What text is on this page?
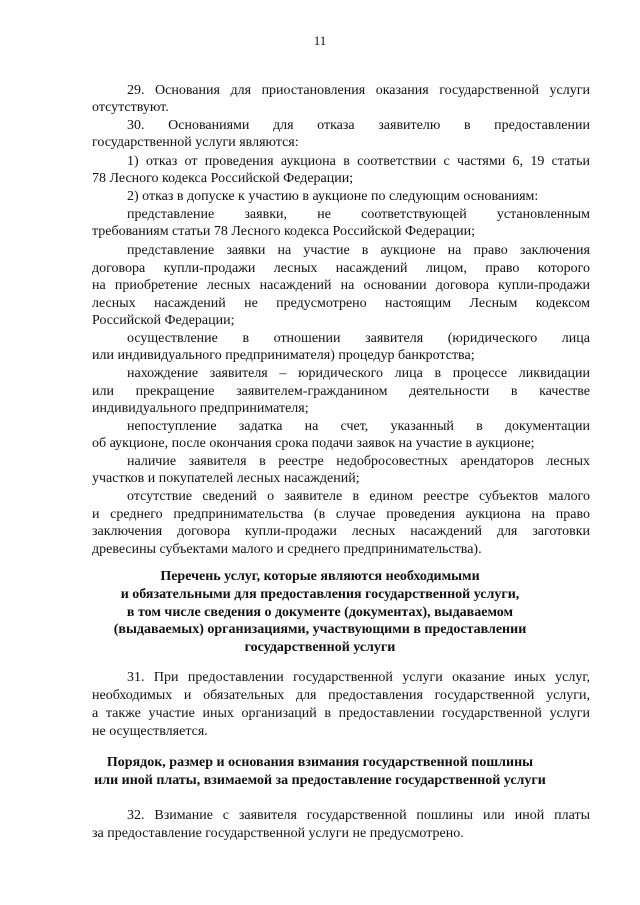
11
29. Основания для приостановления оказания государственной услуги
отсутствуют.
30. Основаниями для отказа заявителю в предоставлении
государственной услуги являются:
1) отказ от проведения аукциона в соответствии с частями 6, 19 статьи
78 Лесного кодекса Российской Федерации;
2) отказ в допуске к участию в аукционе по следующим основаниям:
представление заявки, не соответствующей установленным
требованиям статьи 78 Лесного кодекса Российской Федерации;
представление заявки на участие в аукционе на право заключения
договора купли-продажи лесных насаждений лицом, право которого
на приобретение лесных насаждений на основании договора купли-продажи
лесных насаждений не предусмотрено настоящим Лесным кодексом
Российской Федерации;
осуществление в отношении заявителя (юридического лица
или индивидуального предпринимателя) процедур банкротства;
нахождение заявителя – юридического лица в процессе ликвидации
или прекращение заявителем-гражданином деятельности в качестве
индивидуального предпринимателя;
непоступление задатка на счет, указанный в документации
об аукционе, после окончания срока подачи заявок на участие в аукционе;
наличие заявителя в реестре недобросовестных арендаторов лесных
участков и покупателей лесных насаждений;
отсутствие сведений о заявителе в едином реестре субъектов малого
и среднего предпринимательства (в случае проведения аукциона на право
заключения договора купли-продажи лесных насаждений для заготовки
древесины субъектами малого и среднего предпринимательства).
Перечень услуг, которые являются необходимыми
и обязательными для предоставления государственной услуги,
в том числе сведения о документе (документах), выдаваемом
(выдаваемых) организациями, участвующими в предоставлении
государственной услуги
31. При предоставлении государственной услуги оказание иных услуг,
необходимых и обязательных для предоставления государственной услуги,
а также участие иных организаций в предоставлении государственной услуги
не осуществляется.
Порядок, размер и основания взимания государственной пошлины
или иной платы, взимаемой за предоставление государственной услуги
32. Взимание с заявителя государственной пошлины или иной платы
за предоставление государственной услуги не предусмотрено.
